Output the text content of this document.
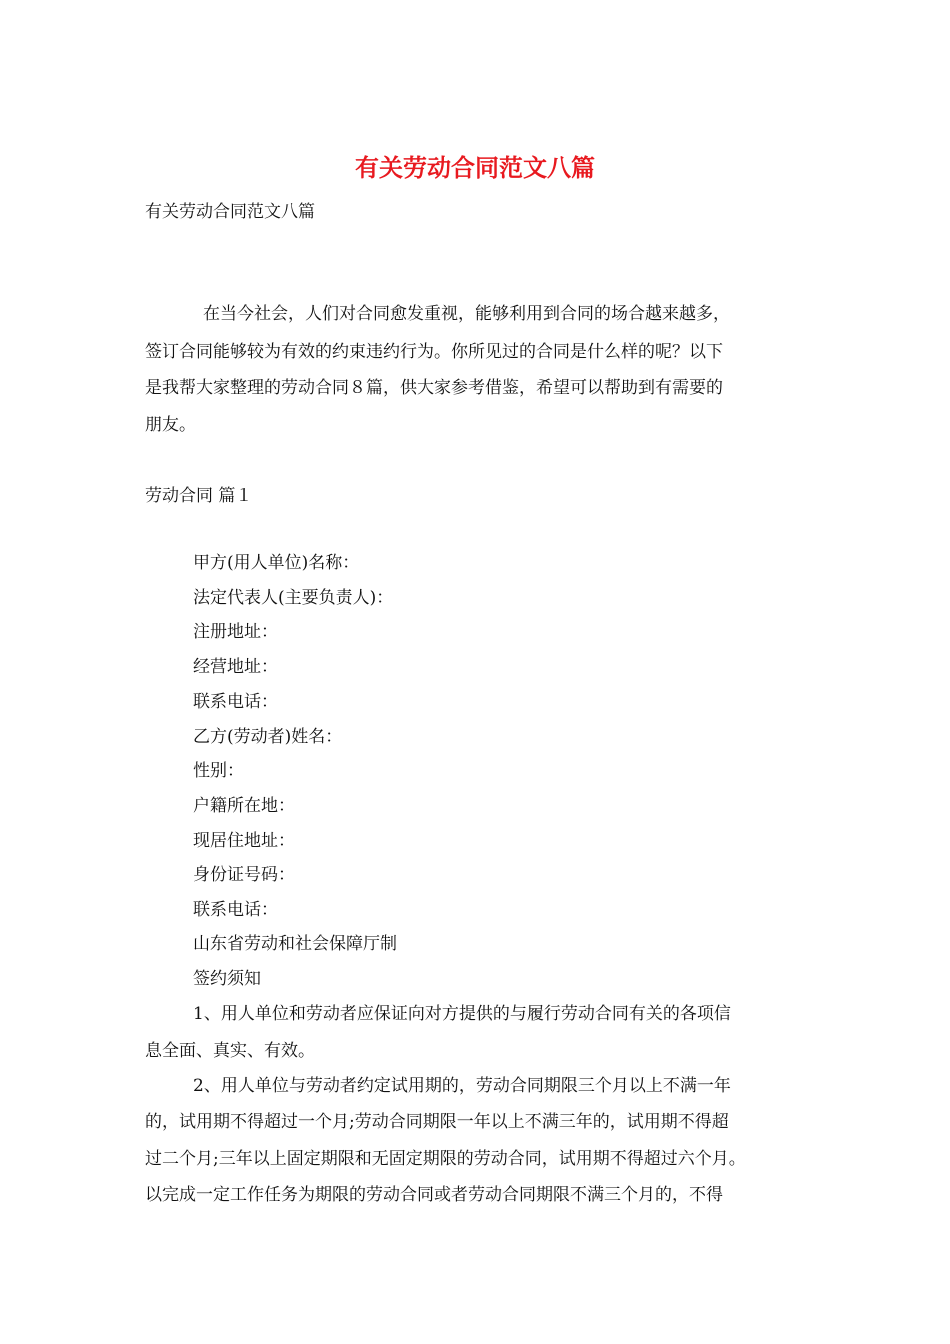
有关劳动合同范文八篇
有关劳动合同范文八篇
在当今社会，人们对合同愈发重视，能够利用到合同的场合越来越多，
签订合同能够较为有效的约束违约行为。你所见过的合同是什么样的呢？以下
是我帮大家整理的劳动合同８篇，供大家参考借鉴，希望可以帮助到有需要的
朋友。
劳动合同 篇１
甲方(用人单位)名称：
法定代表人(主要负责人)：
注册地址：
经营地址：
联系电话：
乙方(劳动者)姓名：
性别：
户籍所在地：
现居住地址：
身份证号码：
联系电话：
山东省劳动和社会保障厅制
签约须知
1、用人单位和劳动者应保证向对方提供的与履行劳动合同有关的各项信
息全面、真实、有效。
2、用人单位与劳动者约定试用期的，劳动合同期限三个月以上不满一年
的，试用期不得超过一个月;劳动合同期限一年以上不满三年的，试用期不得超
过二个月;三年以上固定期限和无固定期限的劳动合同，试用期不得超过六个月。
以完成一定工作任务为期限的劳动合同或者劳动合同期限不满三个月的，不得
